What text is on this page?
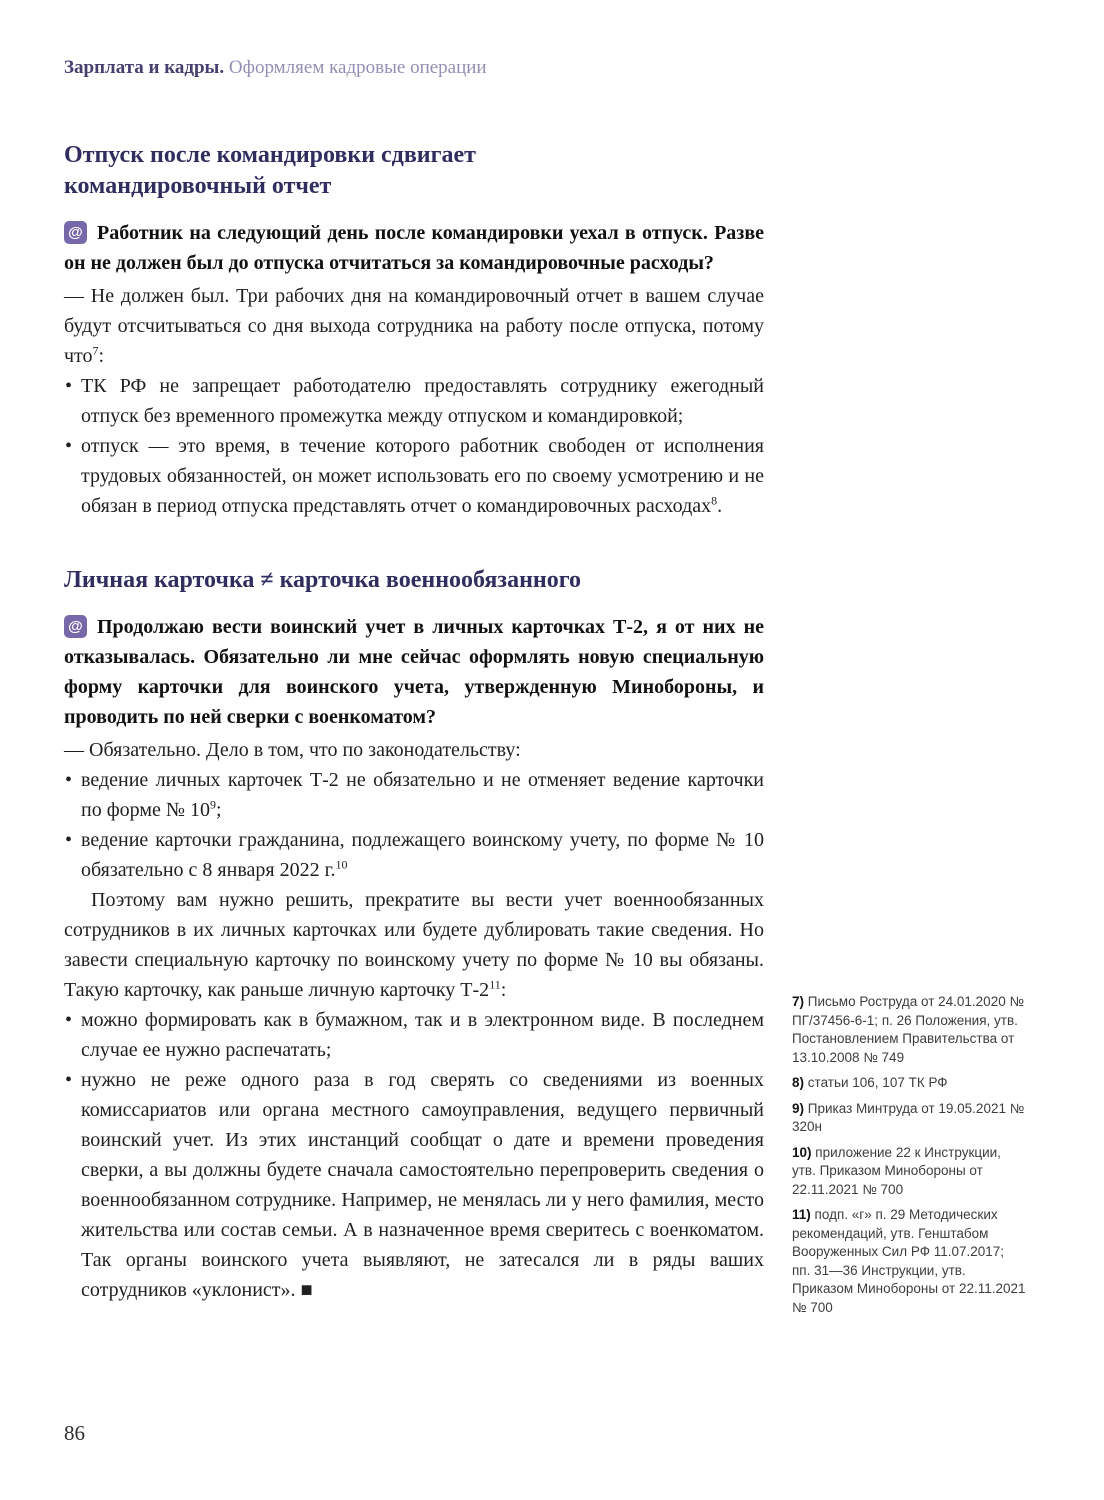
Зарплата и кадры. Оформляем кадровые операции
Отпуск после командировки сдвигает
командировочный отчет
@ Работник на следующий день после командировки уехал в отпуск. Разве он не должен был до отпуска отчитаться за командировочные расходы?

— Не должен был. Три рабочих дня на командировочный отчет в вашем случае будут отсчитываться со дня выхода сотрудника на работу после отпуска, потому что$^7$:

• ТК РФ не запрещает работодателю предоставлять сотруднику ежегодный отпуск без временного промежутка между отпуском и командировкой;
• отпуск — это время, в течение которого работник свободен от исполнения трудовых обязанностей, он может использовать его по своему усмотрению и не обязан в период отпуска представлять отчет о командировочных расходах$^8$.
Личная карточка ≠ карточка военнообязанного
@ Продолжаю вести воинский учет в личных карточках Т-2, я от них не отказывалась. Обязательно ли мне сейчас оформлять новую специальную форму карточки для воинского учета, утвержденную Минобороны, и проводить по ней сверки с военкоматом?

— Обязательно. Дело в том, что по законодательству:

• ведение личных карточек Т-2 не обязательно и не отменяет ведение карточки по форме № $10^9$;
• ведение карточки гражданина, подлежащего воинскому учету, по форме № 10 обязательно с 8 января 2022 г.$^{10}$

Поэтому вам нужно решить, прекратите вы вести учет военнообязанных сотрудников в их личных карточках или будете дублировать такие сведения. Но завести специальную карточку по воинскому учету по форме № 10 вы обязаны. Такую карточку, как раньше личную карточку $Т-2^{11}$:

• можно формировать как в бумажном, так и в электронном виде. В последнем случае ее нужно распечатать;
• нужно не реже одного раза в год сверять со сведениями из военных комиссариатов или органа местного самоуправления, ведущего первичный воинский учет. Из этих инстанций сообщат о дате и времени проведения сверки, а вы должны будете сначала самостоятельно перепроверить сведения о военнообязанном сотруднике. Например, не менялась ли у него фамилия, место жительства или состав семьи. А в назначенное время сверитесь с военкоматом. Так органы воинского учета выявляют, не затесался ли в ряды ваших сотрудников «уклонист». ■

7) Письмо Роструда от 24.01.2020 № ПГ/37456-6-1; п. 26 Положения, утв. Постановлением Правительства от 13.10.2008 № 749

8) статьи 106, 107 ТК РФ

9) Приказ Минтруда от 19.05.2021 № 320н

10) приложение 22 к Инструкции, утв. Приказом Минобороны от 22.11.2021 № 700

11) подп. «г» п. 29 Методических рекомендаций, утв. Генштабом Вооруженных Сил РФ 11.07.2017; пп. 31—36 Инструкции, утв. Приказом Минобороны от 22.11.2021 № 700

86
